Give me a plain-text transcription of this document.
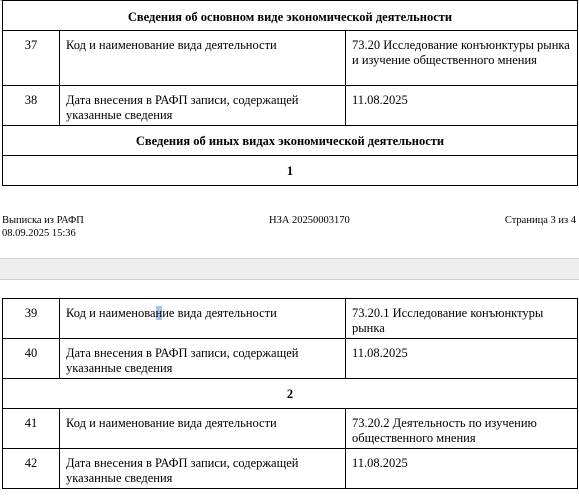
Сведения об основном виде экономической деятельности		
37	Код и наименование вида деятельности	73.20 Исследование конъюнктуры рынка и изучение общественного мнения
38	Дата внесения в РАФП записи, содержащей указанные сведения	11.08.2025
Сведения об иных видах экономической деятельности		
1		
Выписка из РАФП
08.09.2025 15:36
НЗА 20250003170	Страница 3 из 4
39	Код и наименование вида деятельности	73.20.1 Исследование конъюнктуры рынка
40	Дата внесения в РАФП записи, содержащей указанные сведения	11.08.2025
2		
41	Код и наименование вида деятельности	73.20.2 Деятельность по изучению общественного мнения
42	Дата внесения в РАФП записи, содержащей указанные сведения	11.08.2025
